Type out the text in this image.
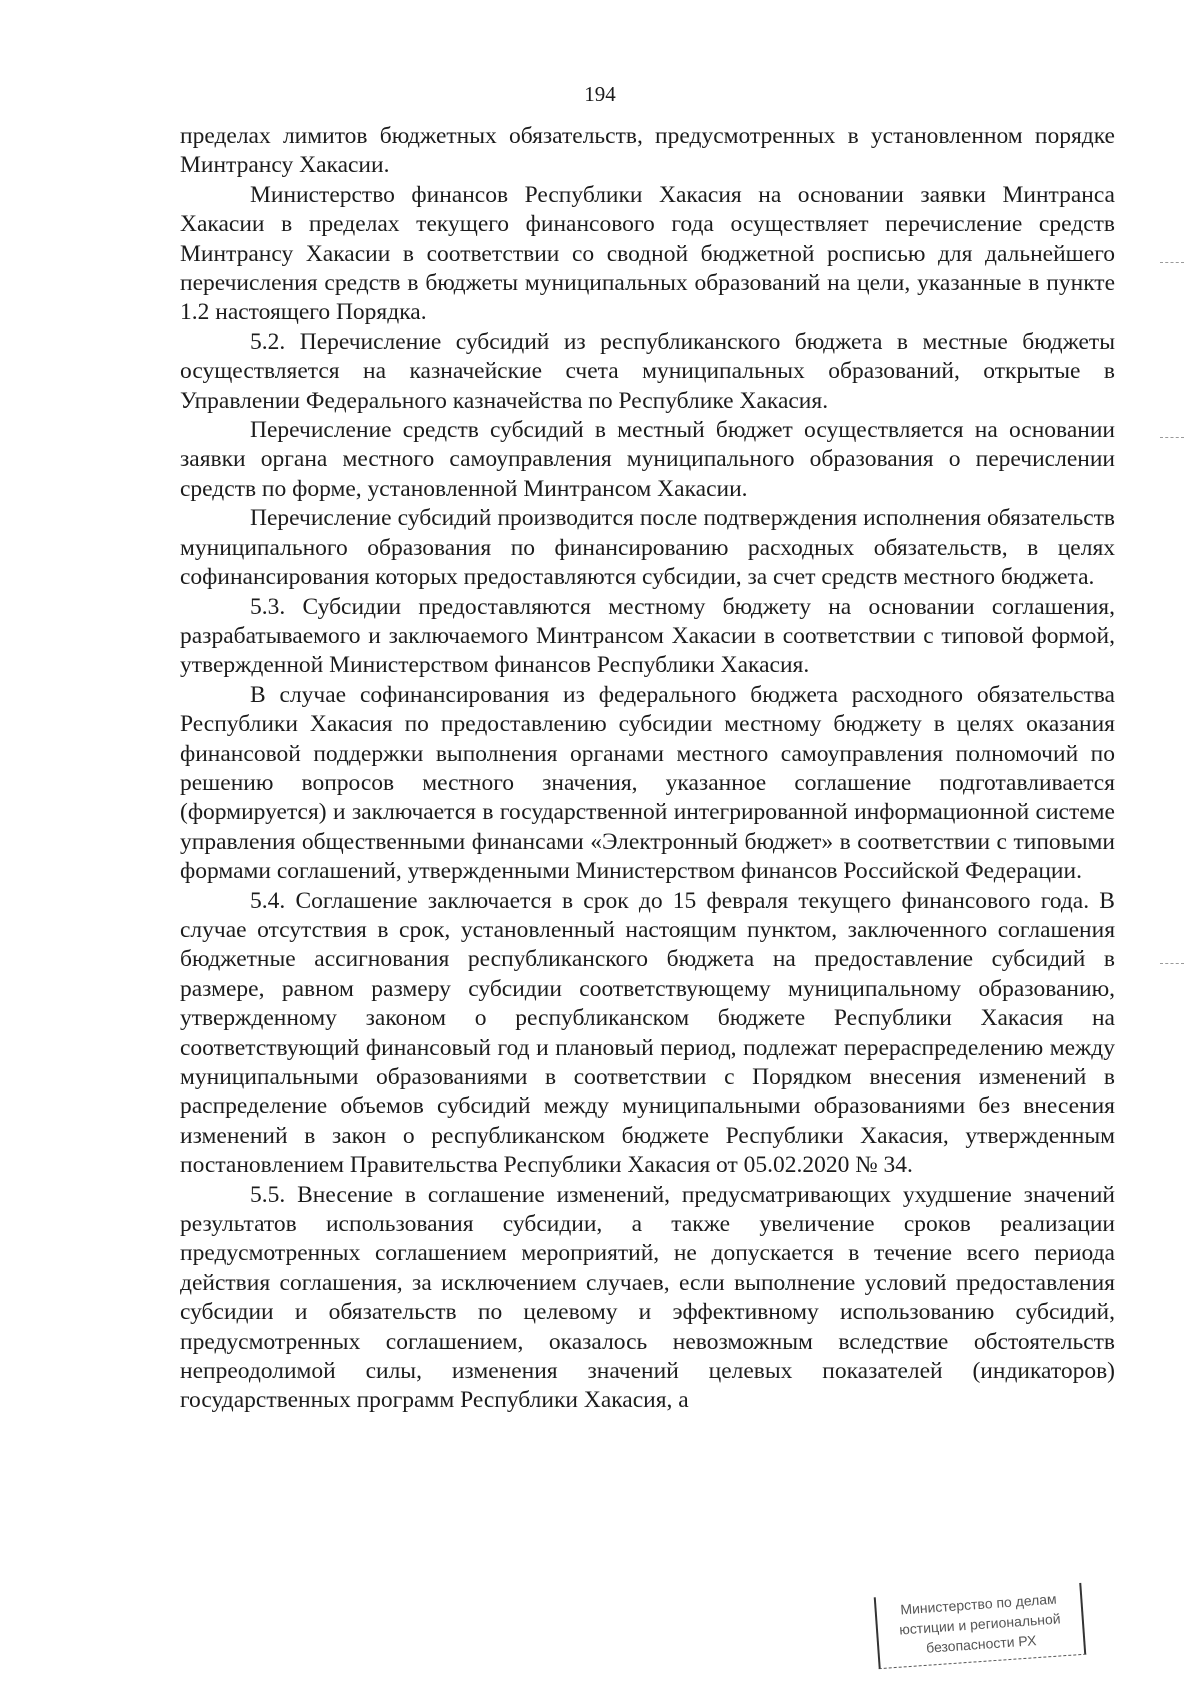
194

пределах лимитов бюджетных обязательств, предусмотренных в установленном порядке Минтрансу Хакасии.

Министерство финансов Республики Хакасия на основании заявки Минтранса Хакасии в пределах текущего финансового года осуществляет перечисление средств Минтрансу Хакасии в соответствии со сводной бюджетной росписью для дальнейшего перечисления средств в бюджеты муниципальных образований на цели, указанные в пункте 1.2 настоящего Порядка.

5.2. Перечисление субсидий из республиканского бюджета в местные бюджеты осуществляется на казначейские счета муниципальных образований, открытые в Управлении Федерального казначейства по Республике Хакасия.

Перечисление средств субсидий в местный бюджет осуществляется на основании заявки органа местного самоуправления муниципального образования о перечислении средств по форме, установленной Минтрансом Хакасии.

Перечисление субсидий производится после подтверждения исполнения обязательств муниципального образования по финансированию расходных обязательств, в целях софинансирования которых предоставляются субсидии, за счет средств местного бюджета.

5.3. Субсидии предоставляются местному бюджету на основании соглашения, разрабатываемого и заключаемого Минтрансом Хакасии в соответствии с типовой формой, утвержденной Министерством финансов Республики Хакасия.

В случае софинансирования из федерального бюджета расходного обязательства Республики Хакасия по предоставлению субсидии местному бюджету в целях оказания финансовой поддержки выполнения органами местного самоуправления полномочий по решению вопросов местного значения, указанное соглашение подготавливается (формируется) и заключается в государственной интегрированной информационной системе управления общественными финансами «Электронный бюджет» в соответствии с типовыми формами соглашений, утвержденными Министерством финансов Российской Федерации.

5.4. Соглашение заключается в срок до 15 февраля текущего финансового года. В случае отсутствия в срок, установленный настоящим пунктом, заключенного соглашения бюджетные ассигнования республиканского бюджета на предоставление субсидий в размере, равном размеру субсидии соответствующему муниципальному образованию, утвержденному законом о республиканском бюджете Республики Хакасия на соответствующий финансовый год и плановый период, подлежат перераспределению между муниципальными образованиями в соответствии с Порядком внесения изменений в распределение объемов субсидий между муниципальными образованиями без внесения изменений в закон о республиканском бюджете Республики Хакасия, утвержденным постановлением Правительства Республики Хакасия от 05.02.2020 № 34.

5.5. Внесение в соглашение изменений, предусматривающих ухудшение значений результатов использования субсидии, а также увеличение сроков реализации предусмотренных соглашением мероприятий, не допускается в течение всего периода действия соглашения, за исключением случаев, если выполнение условий предоставления субсидии и обязательств по целевому и эффективному использованию субсидий, предусмотренных соглашением, оказалось невозможным вследствие обстоятельств непреодолимой силы, изменения значений целевых показателей (индикаторов) государственных программ Республики Хакасия, а

Министерство по делам
юстиции и региональной
безопасности РХ
